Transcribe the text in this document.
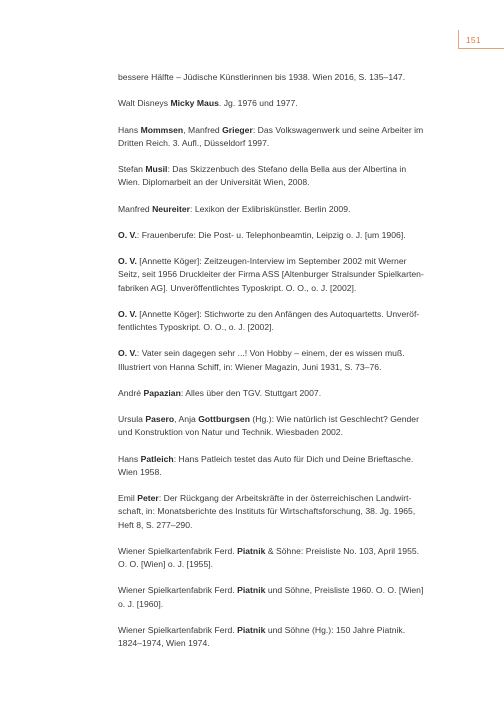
151
bessere Hälfte – Jüdische Künstlerinnen bis 1938. Wien 2016, S. 135–147.
Walt Disneys Micky Maus. Jg. 1976 und 1977.
Hans Mommsen, Manfred Grieger: Das Volkswagenwerk und seine Arbeiter im
Dritten Reich. 3. Aufl., Düsseldorf 1997.
Stefan Musil: Das Skizzenbuch des Stefano della Bella aus der Albertina in
Wien. Diplomarbeit an der Universität Wien, 2008.
Manfred Neureiter: Lexikon der Exlibriskünstler. Berlin 2009.
O. V.: Frauenberufe: Die Post- u. Telephonbeamtin, Leipzig o. J. [um 1906].
O. V. [Annette Köger]: Zeitzeugen-Interview im September 2002 mit Werner
Seitz, seit 1956 Druckleiter der Firma ASS [Altenburger Stralsunder Spielkarten-
fabriken AG]. Unveröffentlichtes Typoskript. O. O., o. J. [2002].
O. V. [Annette Köger]: Stichworte zu den Anfängen des Autoquartetts. Unveröf-
fentlichtes Typoskript. O. O., o. J. [2002].
O. V.: Vater sein dagegen sehr ...! Von Hobby – einem, der es wissen muß.
Illustriert von Hanna Schiff, in: Wiener Magazin, Juni 1931, S. 73–76.
André Papazian: Alles über den TGV. Stuttgart 2007.
Ursula Pasero, Anja Gottburgsen (Hg.): Wie natürlich ist Geschlecht? Gender
und Konstruktion von Natur und Technik. Wiesbaden 2002.
Hans Patleich: Hans Patleich testet das Auto für Dich und Deine Brieftasche.
Wien 1958.
Emil Peter: Der Rückgang der Arbeitskräfte in der österreichischen Landwirt-
schaft, in: Monatsberichte des Instituts für Wirtschaftsforschung, 38. Jg. 1965,
Heft 8, S. 277–290.
Wiener Spielkartenfabrik Ferd. Piatnik & Söhne: Preisliste No. 103, April 1955.
O. O. [Wien] o. J. [1955].
Wiener Spielkartenfabrik Ferd. Piatnik und Söhne, Preisliste 1960. O. O. [Wien]
o. J. [1960].
Wiener Spielkartenfabrik Ferd. Piatnik und Söhne (Hg.): 150 Jahre Piatnik.
1824–1974, Wien 1974.
